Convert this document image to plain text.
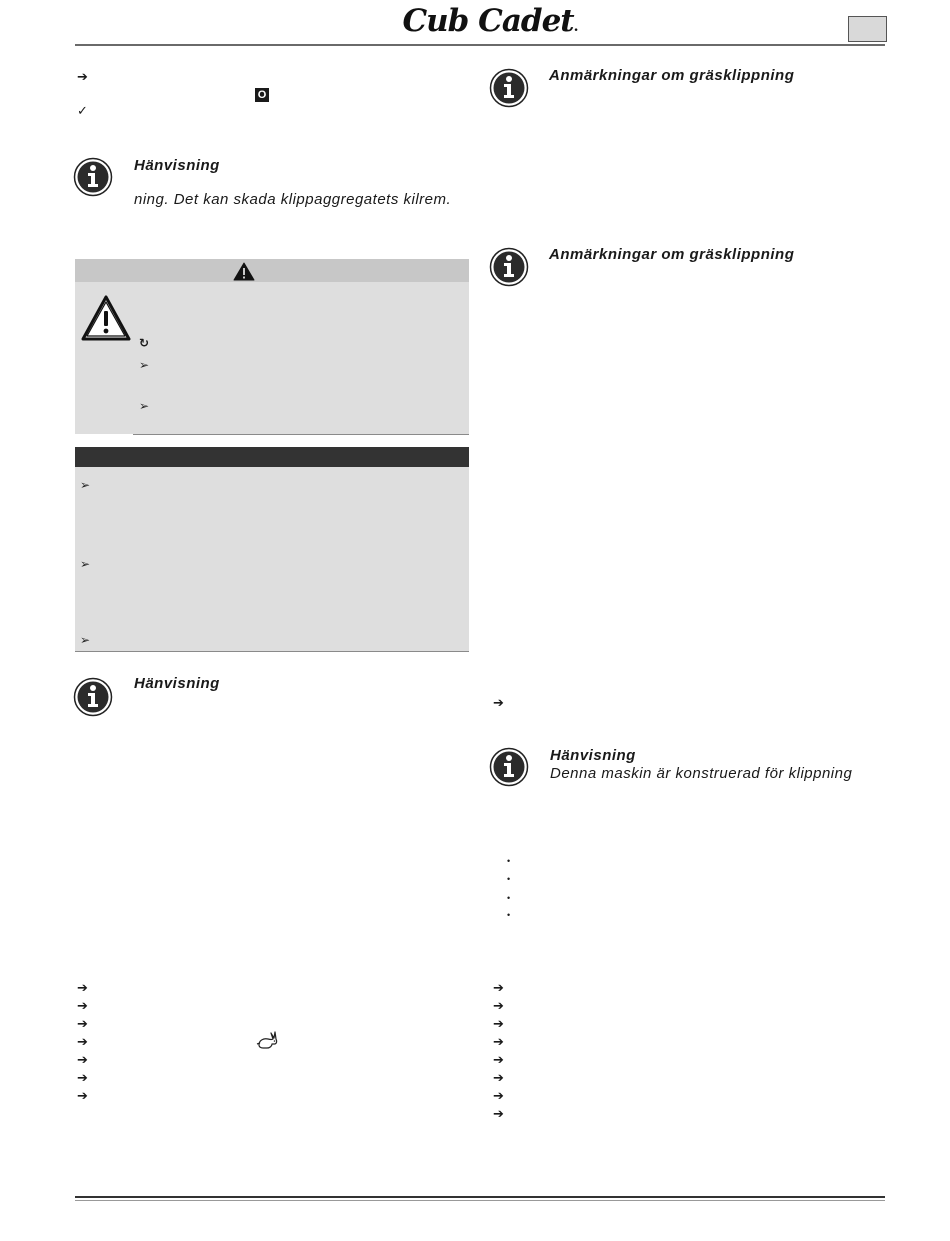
Cub Cadet.
➔
O
✓
Hänvisning
ning. Det kan skada klippaggregatets kilrem.
↻
➢
➢
➢
➢
➢
Hänvisning
➔
➔
➔
➔
➔
➔
➔
Anmärkningar om gräsklippning
Anmärkningar om gräsklippning
➔
Hänvisning
Denna maskin är konstruerad för klippning
•
•
•
•
➔
➔
➔
➔
➔
➔
➔
➔
